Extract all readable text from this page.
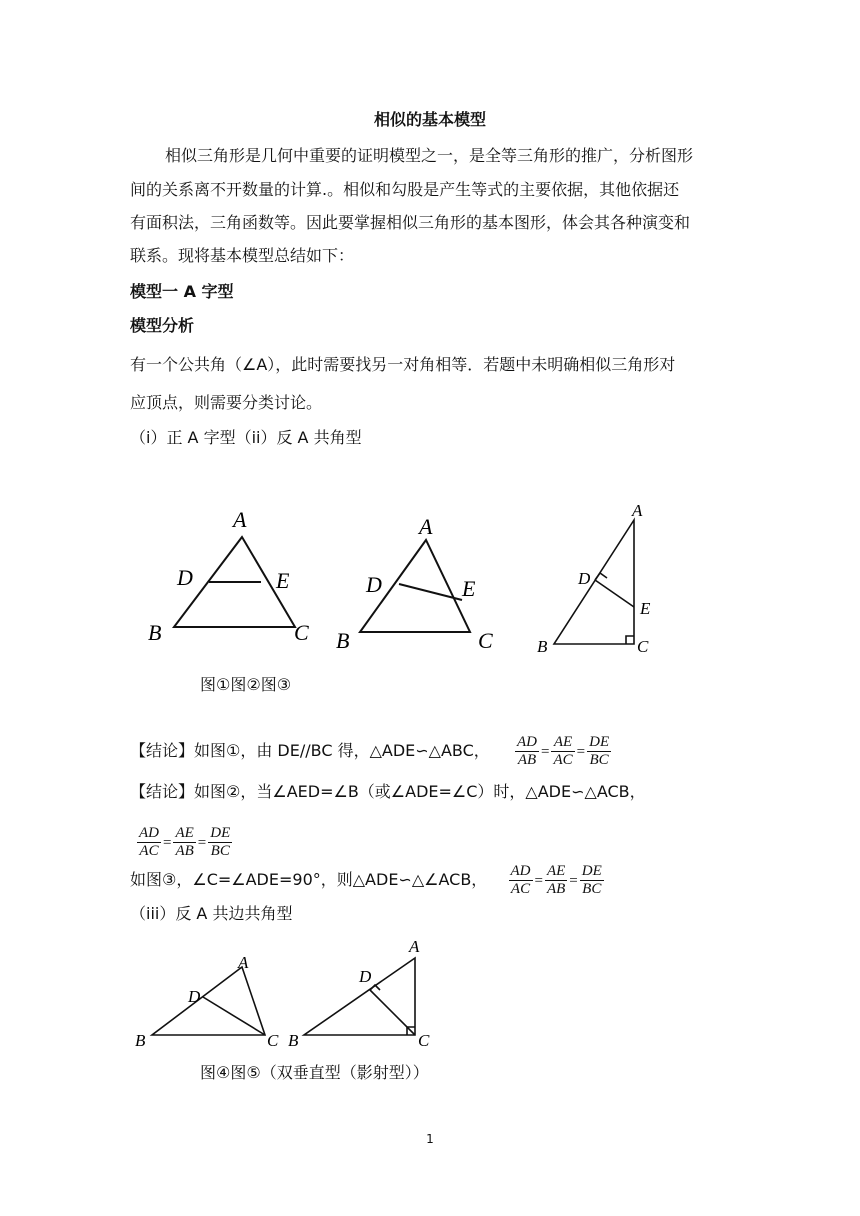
相似的基本模型
相似三角形是几何中重要的证明模型之一，是全等三角形的推广，分析图形
间的关系离不开数量的计算.。相似和勾股是产生等式的主要依据，其他依据还
有面积法，三角函数等。因此要掌握相似三角形的基本图形，体会其各种演变和
联系。现将基本模型总结如下：
模型一 A 字型
模型分析
有一个公共角（∠A），此时需要找另一对角相等．若题中未明确相似三角形对
应顶点，则需要分类讨论。
（i）正 A 字型（ii）反 A 共角型
A
D	E
B	C
A
D	E
B	C
A
D
E
B	C
图①图②图③
【结论】如图①，由 DE//BC 得，△ADE∽△ABC， $\frac{AD}{AB} = \frac{AE}{AC} = \frac{DE}{BC}$
【结论】如图②，当∠AED=∠B（或∠ADE=∠C）时，△ADE∽△ACB，
$\frac{AD}{AC} = \frac{AE}{AB} = \frac{DE}{BC}$
如图③，∠C=∠ADE=90°，则△ADE∽△∠ACB， $\frac{AD}{AC} = \frac{AE}{AB} = \frac{DE}{BC}$
（iii）反 A 共边共角型
A
D
B	C
A
D
B	C
图④图⑤（双垂直型（影射型））
1
